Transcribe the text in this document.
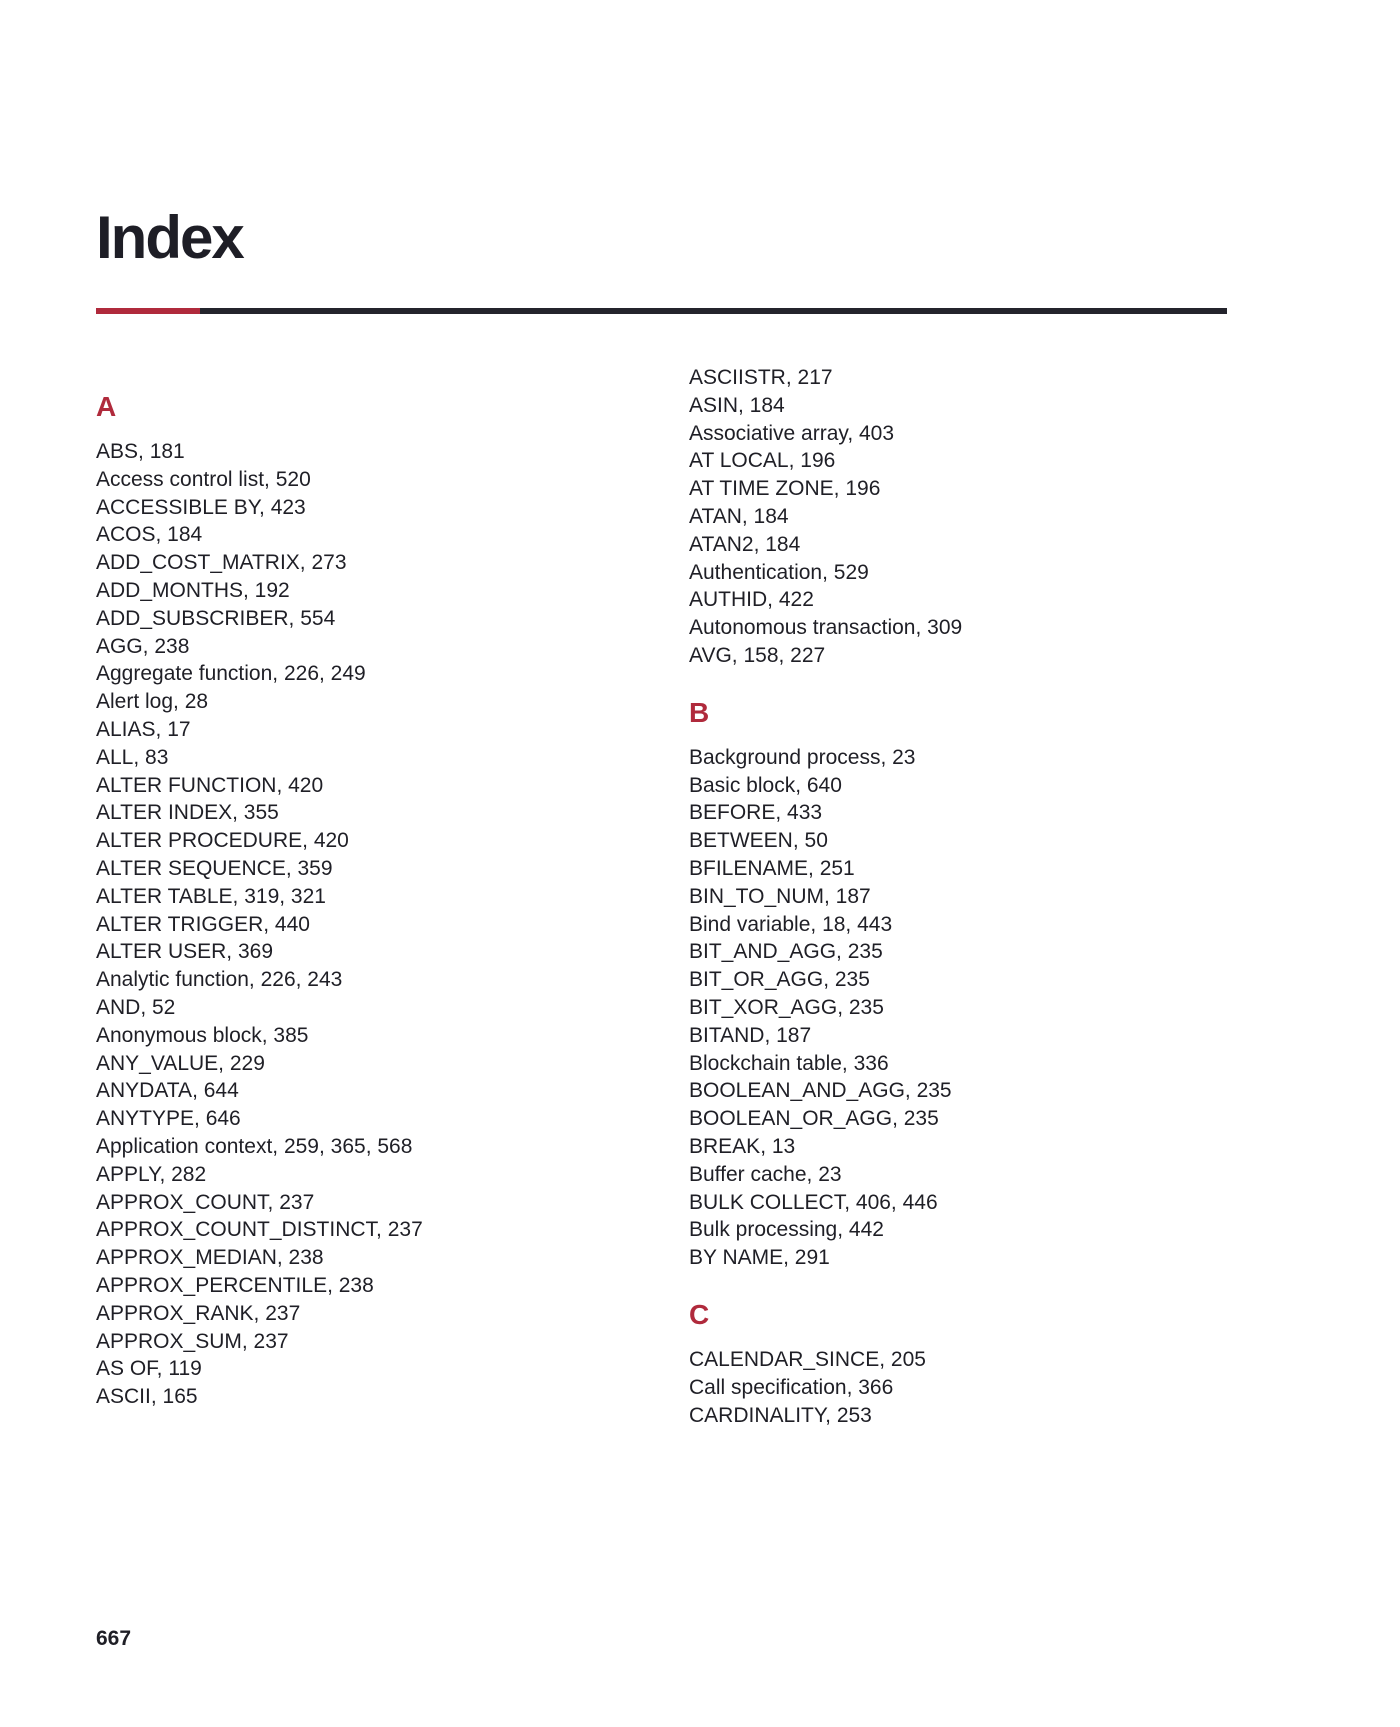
Index
A
ABS, 181
Access control list, 520
ACCESSIBLE BY, 423
ACOS, 184
ADD_COST_MATRIX, 273
ADD_MONTHS, 192
ADD_SUBSCRIBER, 554
AGG, 238
Aggregate function, 226, 249
Alert log, 28
ALIAS, 17
ALL, 83
ALTER FUNCTION, 420
ALTER INDEX, 355
ALTER PROCEDURE, 420
ALTER SEQUENCE, 359
ALTER TABLE, 319, 321
ALTER TRIGGER, 440
ALTER USER, 369
Analytic function, 226, 243
AND, 52
Anonymous block, 385
ANY_VALUE, 229
ANYDATA, 644
ANYTYPE, 646
Application context, 259, 365, 568
APPLY, 282
APPROX_COUNT, 237
APPROX_COUNT_DISTINCT, 237
APPROX_MEDIAN, 238
APPROX_PERCENTILE, 238
APPROX_RANK, 237
APPROX_SUM, 237
AS OF, 119
ASCII, 165
ASCIISTR, 217
ASIN, 184
Associative array, 403
AT LOCAL, 196
AT TIME ZONE, 196
ATAN, 184
ATAN2, 184
Authentication, 529
AUTHID, 422
Autonomous transaction, 309
AVG, 158, 227
B
Background process, 23
Basic block, 640
BEFORE, 433
BETWEEN, 50
BFILENAME, 251
BIN_TO_NUM, 187
Bind variable, 18, 443
BIT_AND_AGG, 235
BIT_OR_AGG, 235
BIT_XOR_AGG, 235
BITAND, 187
Blockchain table, 336
BOOLEAN_AND_AGG, 235
BOOLEAN_OR_AGG, 235
BREAK, 13
Buffer cache, 23
BULK COLLECT, 406, 446
Bulk processing, 442
BY NAME, 291
C
CALENDAR_SINCE, 205
Call specification, 366
CARDINALITY, 253
667
